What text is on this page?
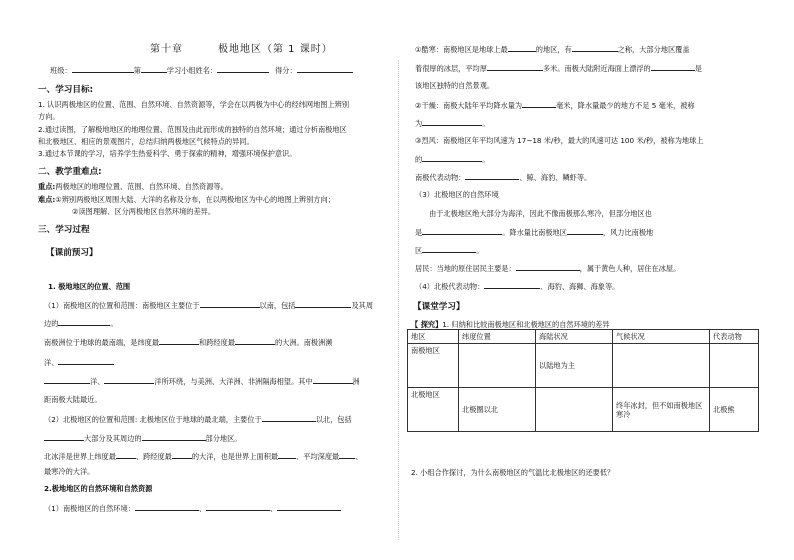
第十章	极地地区（第 1 课时）
班级：	第	学习小组姓名：	得分：
一、学习目标:
1. 认识两极地区的位置、范围、自然环境、自然资源等，学会在以两极为中心的经纬网地图上辨别
方向。
2.通过读图，了解极地地区的地理位置、范围及由此而形成的独特的自然环境；通过分析南极地区
和北极地区、相应的景观图片，总结归纳两极地区气候特点的异同。
3.通过本节课的学习，培养学生热爱科学、勇于探索的精神，增强环境保护意识。
二、教学重难点:
重点:两极地区的地理位置、范围、自然环境、自然资源等。
难点:①辨别两极地区周围大陆、大洋的名称及分布，在以两极地区为中心的地图上辨别方向；
②读图理解、区分两极地区自然环境的差异。
三、学习过程
【课前预习】
1. 极地地区的位置、范围
（1）南极地区的位置和范围：南极地区主要位于	以南，包括	及其周
边的	。
南极洲位于地球的最南端，是纬度最	和跨经度最	的大洲。南极洲濒
洋、
洋、	洋所环绕，与美洲、大洋洲、非洲隔海相望。其中	洲
距南极大陆最近。
（2）北极地区的位置和范围: 北极地区位于地球的最北端，主要位于	以北，包括
大部分及其周边的	部分地区。
北冰洋是世界上纬度最	、跨经度最	的大洋，也是世界上面积最	、平均深度最 、
最寒冷的大洋。
2.极地地区的自然环境和自然资源
（1）南极地区的自然环境：	、	、
①酷寒：南极地区是地球上最	的地区，有	之称，大部分地区覆盖
着很厚的冰层，平均厚	多米。南极大陆附近海面上漂浮的	是
该地区独特的自然景观。
②干燥：南极大陆年平均降水量为	毫米，降水量最少的地方不足 5 毫米，被称
为	。
③烈风：南极地区年平均风速为 17~18 米/秒，最大的风速可达 100 米/秒，被称为地球上
的	。
南极代表动物：	、鲸、海豹、鳞虾等。
（3）北极地区的自然环境
由于北极地区绝大部分为海洋，因此不像南极那么寒冷，但部分地区也
是	。降水量比南极地区	，风力比南极地
区	。
居民：当地的原住居民主要是：	，属于黄色人种，居住在冰屋。
（4）北极代表动物：	、海豹、海狮、海象等。
【课堂学习】
【 探究】1. 归纳和比较南极地区和北极地区的自然环境的差异
地区	纬度位置	海陆状况	气候状况	代表动物
南极地区		以陆地为主		
北极地区	北极圈以北		终年冰封，但不如南极地区寒冷	北极熊
2. 小组合作探讨，为什么南极地区的气温比北极地区的还要低？
